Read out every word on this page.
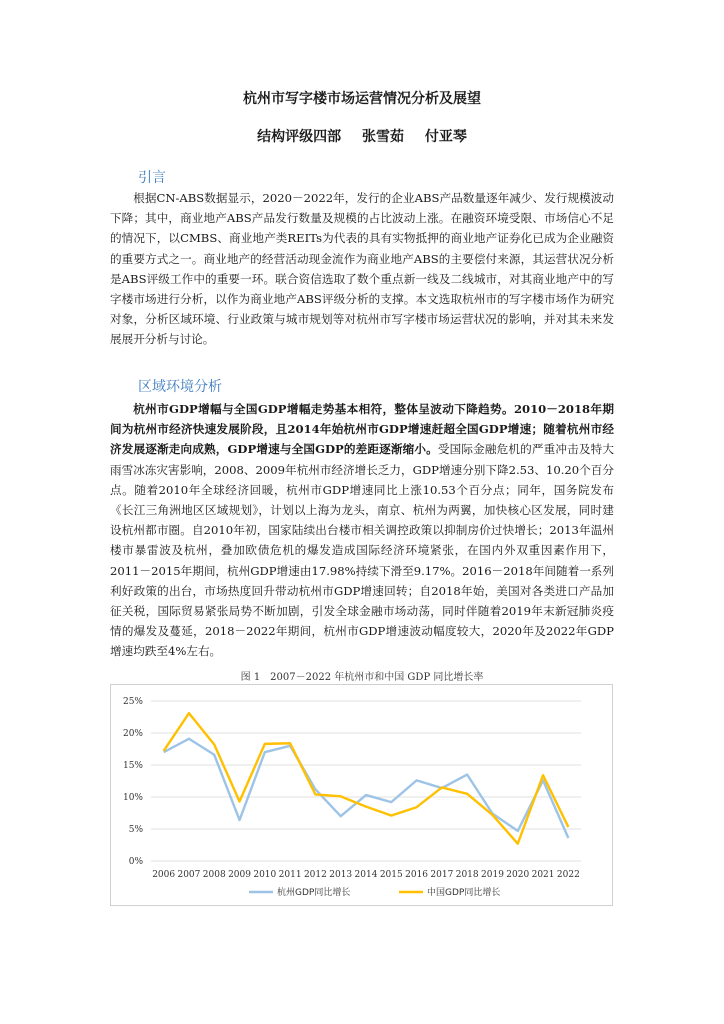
杭州市写字楼市场运营情况分析及展望
结构评级四部 张雪茹 付亚琴
引言

根据CN-ABS数据显示，2020－2022年，发行的企业ABS产品数量逐年减少、发行规模波动下降；其中，商业地产ABS产品发行数量及规模的占比波动上涨。在融资环境受限、市场信心不足的情况下，以CMBS、商业地产类REITs为代表的具有实物抵押的商业地产证券化已成为企业融资的重要方式之一。商业地产的经营活动现金流作为商业地产ABS的主要偿付来源，其运营状况分析是ABS评级工作中的重要一环。联合资信选取了数个重点新一线及二线城市，对其商业地产中的写字楼市场进行分析，以作为商业地产ABS评级分析的支撑。本文选取杭州市的写字楼市场作为研究对象，分析区域环境、行业政策与城市规划等对杭州市写字楼市场运营状况的影响，并对其未来发展展开分析与讨论。

区域环境分析

杭州市GDP增幅与全国GDP增幅走势基本相符，整体呈波动下降趋势。2010－2018年期间为杭州市经济快速发展阶段，且2014年始杭州市GDP增速赶超全国GDP增速；随着杭州市经济发展逐渐走向成熟，GDP增速与全国GDP的差距逐渐缩小。受国际金融危机的严重冲击及特大雨雪冰冻灾害影响，2008、2009年杭州市经济增长乏力，GDP增速分别下降2.53、10.20个百分点。随着2010年全球经济回暖，杭州市GDP增速同比上涨10.53个百分点；同年，国务院发布《长江三角洲地区区域规划》，计划以上海为龙头，南京、杭州为两翼，加快核心区发展，同时建设杭州都市圈。自2010年初，国家陆续出台楼市相关调控政策以抑制房价过快增长；2013年温州楼市暴雷波及杭州，叠加欧债危机的爆发造成国际经济环境紧张，在国内外双重因素作用下，2011－2015年期间，杭州GDP增速由17.98%持续下滑至9.17%。2016－2018年间随着一系列利好政策的出台，市场热度回升带动杭州市GDP增速回转；自2018年始，美国对各类进口产品加征关税，国际贸易紧张局势不断加剧，引发全球金融市场动荡，同时伴随着2019年末新冠肺炎疫情的爆发及蔓延，2018－2022年期间，杭州市GDP增速波动幅度较大，2020年及2022年GDP增速均跌至4%左右。

图 1　2007－2022 年杭州市和中国 GDP 同比增长率
0%
5%
10%
15%
20%
25%
2006 2007 2008 2009 2010 2011 2012 2013 2014 2015 2016 2017 2018 2019 2020 2021 2022
杭州GDP同比增长	中国GDP同比增长
